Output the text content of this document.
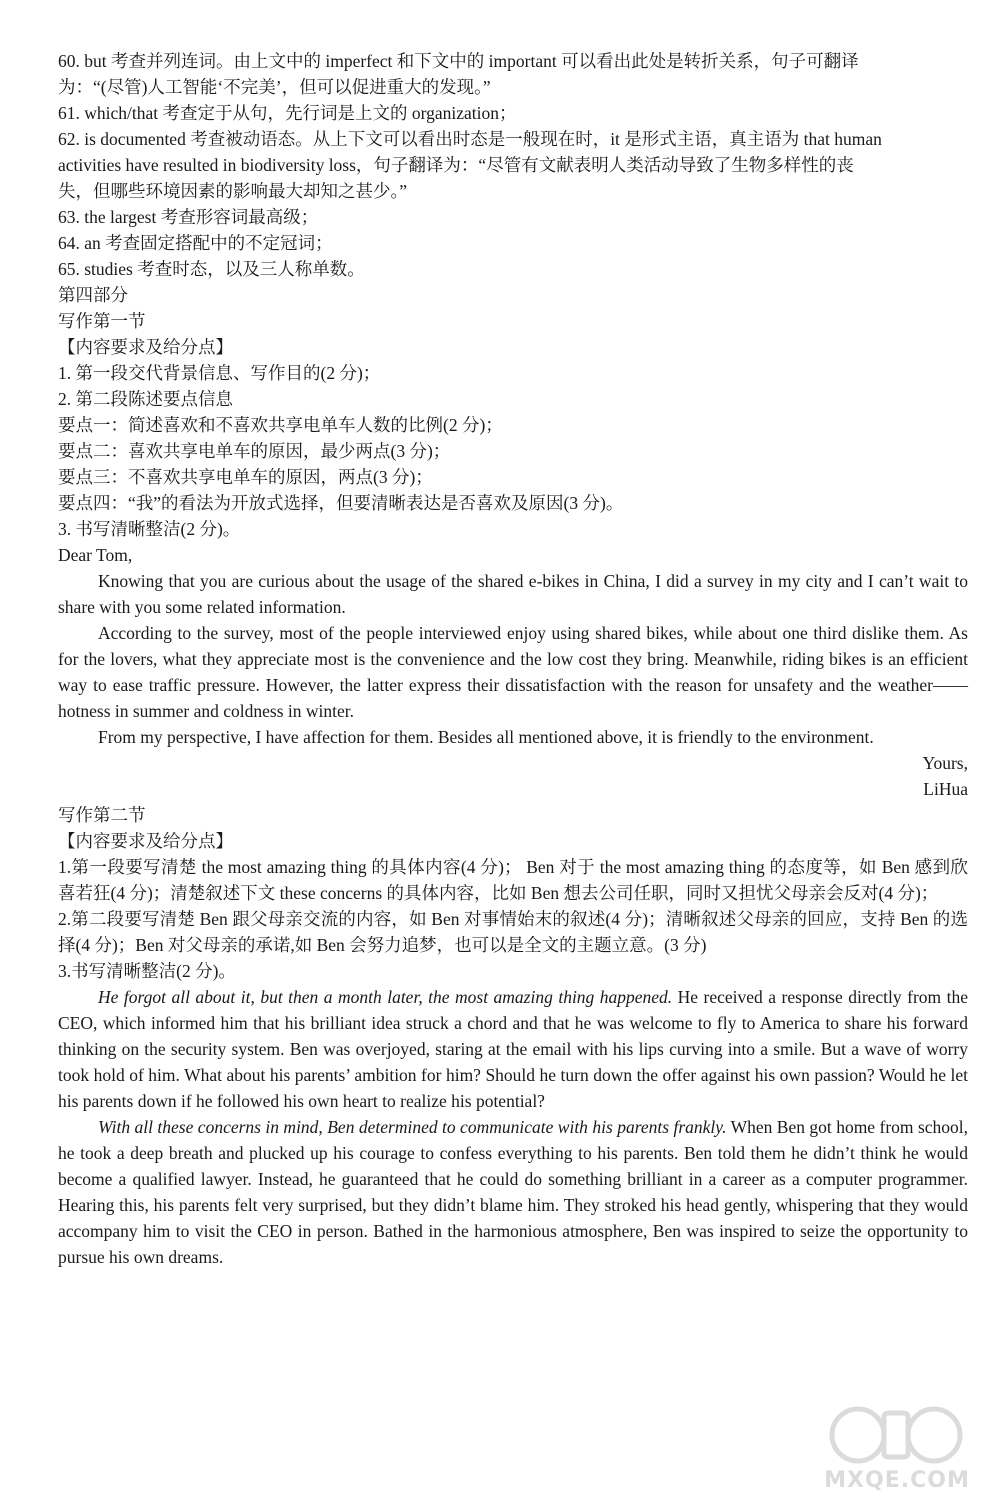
60. but 考查并列连词。由上文中的 imperfect 和下文中的 important 可以看出此处是转折关系，句子可翻译
为：“(尽管)人工智能‘不完美’，但可以促进重大的发现。”
61. which/that 考查定于从句，先行词是上文的 organization；
62. is documented 考查被动语态。从上下文可以看出时态是一般现在时，it 是形式主语，真主语为 that human
activities have resulted in biodiversity loss，句子翻译为：“尽管有文献表明人类活动导致了生物多样性的丧
失，但哪些环境因素的影响最大却知之甚少。”
63. the largest 考查形容词最高级；
64. an 考查固定搭配中的不定冠词；
65. studies 考查时态，以及三人称单数。
第四部分
写作第一节
【内容要求及给分点】
1. 第一段交代背景信息、写作目的(2 分)；
2. 第二段陈述要点信息
要点一：简述喜欢和不喜欢共享电单车人数的比例(2 分)；
要点二：喜欢共享电单车的原因，最少两点(3 分)；
要点三：不喜欢共享电单车的原因，两点(3 分)；
要点四：“我”的看法为开放式选择，但要清晰表达是否喜欢及原因(3 分)。
3. 书写清晰整洁(2 分)。
Dear Tom,
Knowing that you are curious about the usage of the shared e-bikes in China, I did a survey in my city and I can’t wait to share with you some related information.
According to the survey, most of the people interviewed enjoy using shared bikes, while about one third dislike them. As for the lovers, what they appreciate most is the convenience and the low cost they bring. Meanwhile, riding bikes is an efficient way to ease traffic pressure. However, the latter express their dissatisfaction with the reason for unsafety and the weather——hotness in summer and coldness in winter.
From my perspective, I have affection for them. Besides all mentioned above, it is friendly to the environment.
Yours,
LiHua
写作第二节
【内容要求及给分点】
1.第一段要写清楚 the most amazing thing 的具体内容(4 分)； Ben 对于 the most amazing thing 的态度等，如 Ben 感到欣喜若狂(4 分)；清楚叙述下文 these concerns 的具体内容，比如 Ben 想去公司任职，同时又担忧父母亲会反对(4 分)；
2.第二段要写清楚 Ben 跟父母亲交流的内容，如 Ben 对事情始末的叙述(4 分)；清晰叙述父母亲的回应，支持 Ben 的选择(4 分)；Ben 对父母亲的承诺,如 Ben 会努力追梦，也可以是全文的主题立意。(3 分)
3.书写清晰整洁(2 分)。
He forgot all about it, but then a month later, the most amazing thing happened. He received a response directly from the CEO, which informed him that his brilliant idea struck a chord and that he was welcome to fly to America to share his forward thinking on the security system. Ben was overjoyed, staring at the email with his lips curving into a smile. But a wave of worry took hold of him. What about his parents’ ambition for him? Should he turn down the offer against his own passion? Would he let his parents down if he followed his own heart to realize his potential?
With all these concerns in mind, Ben determined to communicate with his parents frankly. When Ben got home from school, he took a deep breath and plucked up his courage to confess everything to his parents. Ben told them he didn’t think he would become a qualified lawyer. Instead, he guaranteed that he could do something brilliant in a career as a computer programmer. Hearing this, his parents felt very surprised, but they didn’t blame him. They stroked his head gently, whispering that they would accompany him to visit the CEO in person. Bathed in the harmonious atmosphere, Ben was inspired to seize the opportunity to pursue his own dreams.
MXQE.COM
